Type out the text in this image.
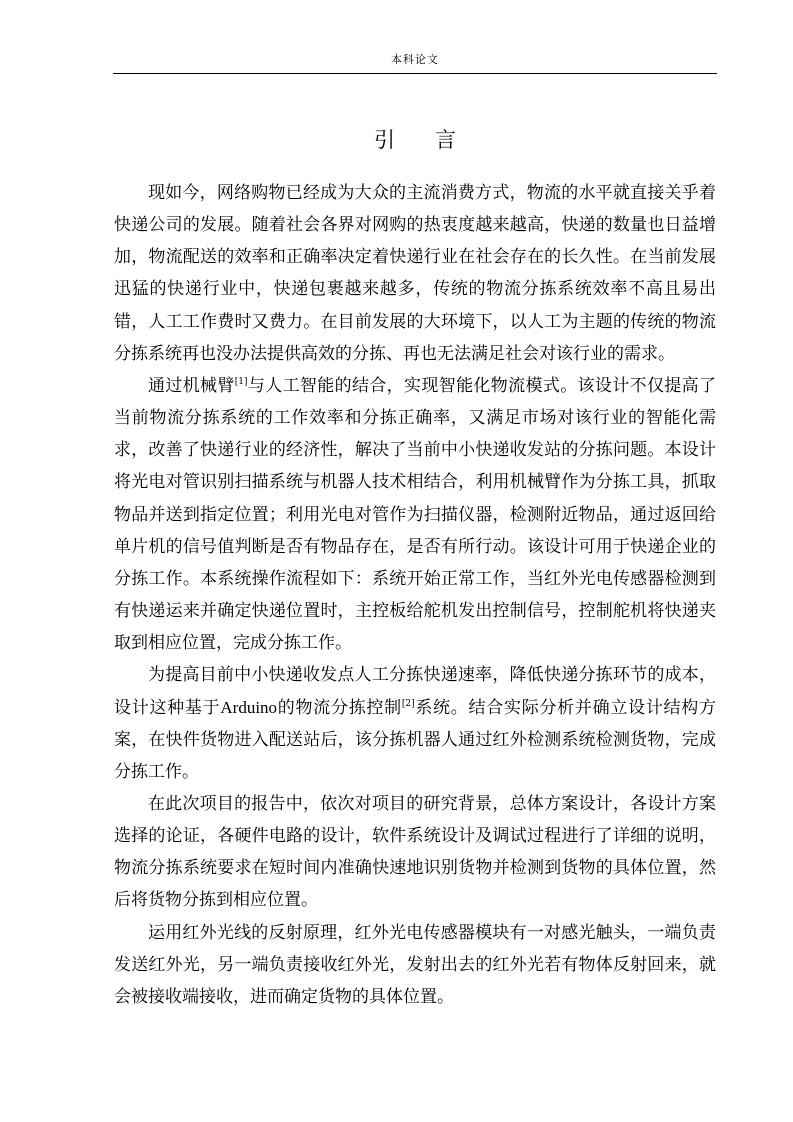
本科论文
引 言

现如今，网络购物已经成为大众的主流消费方式，物流的水平就直接关乎着快递公司的发展。随着社会各界对网购的热衷度越来越高，快递的数量也日益增加，物流配送的效率和正确率决定着快递行业在社会存在的长久性。在当前发展迅猛的快递行业中，快递包裹越来越多，传统的物流分拣系统效率不高且易出错，人工工作费时又费力。在目前发展的大环境下，以人工为主题的传统的物流分拣系统再也没办法提供高效的分拣、再也无法满足社会对该行业的需求。

通过机械臂[1]与人工智能的结合，实现智能化物流模式。该设计不仅提高了当前物流分拣系统的工作效率和分拣正确率，又满足市场对该行业的智能化需求，改善了快递行业的经济性，解决了当前中小快递收发站的分拣问题。本设计将光电对管识别扫描系统与机器人技术相结合，利用机械臂作为分拣工具，抓取物品并送到指定位置；利用光电对管作为扫描仪器，检测附近物品，通过返回给单片机的信号值判断是否有物品存在，是否有所行动。该设计可用于快递企业的分拣工作。本系统操作流程如下：系统开始正常工作，当红外光电传感器检测到有快递运来并确定快递位置时，主控板给舵机发出控制信号，控制舵机将快递夹取到相应位置，完成分拣工作。

为提高目前中小快递收发点人工分拣快递速率，降低快递分拣环节的成本，设计这种基于Arduino的物流分拣控制[2]系统。结合实际分析并确立设计结构方案，在快件货物进入配送站后，该分拣机器人通过红外检测系统检测货物，完成分拣工作。

在此次项目的报告中，依次对项目的研究背景，总体方案设计，各设计方案选择的论证，各硬件电路的设计，软件系统设计及调试过程进行了详细的说明，物流分拣系统要求在短时间内准确快速地识别货物并检测到货物的具体位置，然后将货物分拣到相应位置。

运用红外光线的反射原理，红外光电传感器模块有一对感光触头，一端负责发送红外光，另一端负责接收红外光，发射出去的红外光若有物体反射回来，就会被接收端接收，进而确定货物的具体位置。
